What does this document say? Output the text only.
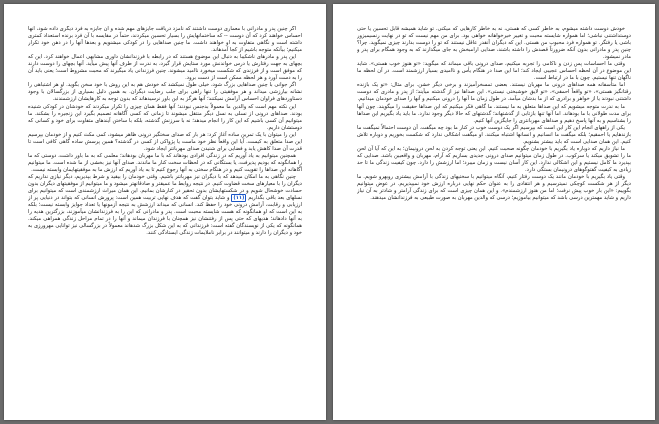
خودش دوست داشته میشوم، به خاطر کسی که هستی، نه به خاطر کارهایی که میکنی. تو شاید همیشه قابل تحسین یا حتی دوستداشتنی نباشی؛ اما همواره شایسته محبت و تغییر خیرخواهانه خواهی بود. برای من مهم نیست که تو در نهایت رنسیمیزور باشی یا رفتگر. تو همواره فرد محبوب من هستی. این که دیگران آنقدر عاقل نیستند که تو را دوست بدارند چیزی نمیگوید. چرا؟ چنین پدر و مادرانی بدون آنکه ضرورتاً قصدش را داشته باشند، صدایی ارامبخش به جای میگذارند که به وجود همگام برای پدر و مادر نمیشود.

وقتی ما احساسات پس زدن و ناکامی را تجربه میکنیم، صدای درونی باقی میماند که میگوید: «تو هنوز خوب هستی». شاید این موضوع در آن لحظه احساس عجیبی ایجاد کند؛ اما این صدا در هنگام یأس و ناامیدی بسیار ارزشمند است. در آن لحظه ما ناگهان تنها نیستیم. چون با ما در ارتباط است.

اما متأسفانه همه صداهای درونی ما مهربان نیستند. بعضی تمسخرآمیزند و برخی دیگر خشن. برای مثال: «تو یک بازنده رقتانگیز هستی»، «تو واقعاً احمقی»، «تو لایق خوشبختی نیستی». این صداها نیز از گذشته میآیند؛ از پدر و مادری که دوست داشتنی نبودند یا از خواهر و برادری که از ما بدشان میآمد. در طول زمان ما آنها را درونی میکنیم و آنها را صدای خودمان میدانیم.

ما به ندرت متوجه میشویم که این صداها متعلق به ما نیستند. ما گاهی فکر میکنیم که این صداها حقیقت را میگویند. چون آنها برای مدت طولانی با ما بودهاند. اما آنها تنها بازتابی از گذشتهاند؛ گذشتهای که حالا دیگر وجود ندارد. ما باید یاد بگیریم این صداها را بشناسیم و به آنها پاسخ دهیم و صداهای مهربانتری را جایگزین آنها کنیم.

یکی از راههای انجام این کار این است که بپرسیم اگر یک دوست خوب در کنار ما بود چه میگفت. آن دوست احتمالاً نمیگفت ما بازندهایم یا احمقیم؛ بلکه میگفت ما انسانیم و انسانها اشتباه میکنند. او میگفت اشکالی ندارد که شکست بخوریم و دوباره تلاش کنیم. این همان صدایی است که باید بیشتر بشنویم.

ما نیاز داریم که دوباره یاد بگیریم با خودمان چگونه صحبت کنیم. این یعنی توجه کردن به لحن درونیمان؛ به این که آیا آن لحن ما را تشویق میکند یا سرکوب. در طول زمان میتوانیم صدای درونی جدیدی بسازیم که آرام، مهربان و واقعبین باشد. صدایی که بپذیرد ما کامل نیستیم و این اشکالی ندارد. این کار آسان نیست و زمان میبرد؛ اما ارزشش را دارد. چون کیفیت زندگی ما تا حد زیادی به کیفیت گفتوگوهای درونیمان بستگی دارد.

وقتی یاد بگیریم با خودمان مانند یک دوست رفتار کنیم، آنگاه میتوانیم با سختیهای زندگی با آرامش بیشتری روبهرو شویم. ما دیگر از هر شکست کوچکی نمیترسیم و هر انتقادی را به عنوان حکم نهایی درباره ارزش خود نمیپذیریم. در عوض میتوانیم بگوییم: «این بار خوب پیش نرفت؛ اما من هنوز ارزشمندم». و این همان چیزی است که برای زندگی آرامتر و شادتر به آن نیاز داریم و شاید مهمترین درسی باشد که میتوانیم بیاموزیم؛ درسی که والدین مهربان به صورت طبیعی به فرزندانشان میدهند.

اگر چنین پدر و مادرانی با معماری دوست داشتند که نامزد دریافت جایزهای مهم شده و آن جایزه به فرد دیگری داده شود، آنها احساس خواهند کرد که آن دوست -- که ساختمانهایش را بسیار تحسین میکردند، حتماً در مقایسه با آن فرد برنده استعداد کمتری داشته است و نگاهی متفاوت به او خواهند داشت. ما چنین صداهایی را در کودکی میشنویم و بعدها آنها را در ذهن خود تکرار میکنیم؛ بیآنکه متوجه باشیم از کجا آمدهاند.

این پدر و مادرهای ناشکیبا به دنبال این موضوع هستند که در رابطه با فرزندانشان داوری مشابهی اعمال خواهند کرد. این که بچهای به جهت رفتارش یا درس خواندنش مورد ستایش قرار گیرد، به ندرت از طرف آنها پیش میآید. آنها بچهای را دوست دارند که موفق است و از فرزندی که شکست میخورد ناامید میشوند. چنین فرزندانی یاد میگیرند که محبت مشروط است؛ یعنی باید آن را به دست آورد و هر لحظه ممکن است از دست برود.

اگر جوانی با چنین صداهایی بزرگ شود، خیلی طول نمیکشد که خودش هم به این روش با خود سخن بگوید. او هر اشتباهی را نشانه بیارزشی میداند و هر موفقیتی را تنها راهی برای جلب رضایت دیگران. به همین دلیل بسیاری از بزرگسالان با وجود دستاوردهای فراوان احساس آرامش نمیکنند؛ آنها هرگز به این باور نرسیدهاند که بدون توجه به کارهایشان ارزشمندند.

این نکته مهم است که والدین ما معمولاً بدجنس نبودند؛ آنها فقط همان چیزی را تکرار میکردند که خودشان در کودکی شنیده بودند. صداهای درونی از نسلی به نسل دیگر منتقل میشوند تا زمانی که کسی آگاهانه تصمیم بگیرد این زنجیره را بشکند. ما میتوانیم آن کسی باشیم که این کار را انجام میدهد؛ نه با سرزنش گذشته، بلکه با ساختن آیندهای متفاوت برای خود و کسانی که دوستشان داریم.

این را میتوان با یک تمرین ساده آغاز کرد: هر بار که صدای سختگیر درونی ظاهر میشود، کمی مکث کنیم و از خودمان بپرسیم این صدا متعلق به کیست. آیا این واقعاً نظر خود ماست یا پژواکی از کسی در گذشته؟ همین پرسش ساده گاهی کافی است تا قدرت آن صدا کاهش یابد و فضایی برای شنیدن صدای مهربانتر ایجاد شود.

همچنین میتوانیم به یاد آوریم که در زندگی افرادی بودهاند که با ما مهربان بودهاند؛ معلمی که به ما باور داشت، دوستی که ما را همانگونه که بودیم پذیرفت، یا بستگانی که در لحظات سخت کنار ما ماندند. صدای آنها نیز بخشی از ما شده است. ما میتوانیم آگاهانه این صداها را تقویت کنیم و در هنگام سختی به آنها رجوع کنیم تا به یاد آوریم که ارزش ما به موفقیتهایمان وابسته نیست.

چنین نگاهی به ما امکان میدهد که با دیگران نیز مهربانتر باشیم. وقتی خودمان را بیقید و شرط بپذیریم، دیگر نیازی نداریم که دیگران را با معیارهای سخت قضاوت کنیم. در نتیجه روابط ما عمیقتر و صادقانهتر میشود و ما میتوانیم از موفقیتهای دیگران بدون حسادت خوشحال شویم و در شکستهایشان بدون تحقیر در کنارشان بمانیم. این همان میراث ارزشمندی است که میتوانیم برای نسلهای بعد باقی بگذاریم (۱۱) و شاید بتوان گفت که هدف نهایی تربیت همین است: پرورش انسانی که بتواند در دنیایی پر از ارزیابی و رقابت، آرامش درونی خود را حفظ کند. انسانی که میداند ارزشش به نتیجه آزمونها یا تعداد جوایز وابسته نیست؛ بلکه به این است که او همانگونه که هست شایسته محبت است. پدر و مادرانی که این را به فرزندانشان میآموزند، بزرگترین هدیه را به آنها دادهاند؛ هدیهای که حتی پس از رفتنشان نیز همچنان با فرزندان میماند و آنها را در تمام مراحل زندگی همراهی میکند. همانگونه که یکی از نویسندگان گفته است: فرزندانی که به این شکل بزرگ شدهاند معمولاً در بزرگسالی نیز توانایی مهرورزی به خود و دیگران را دارند و میتوانند در برابر ناملایمات زندگی ایستادگی کنند.
